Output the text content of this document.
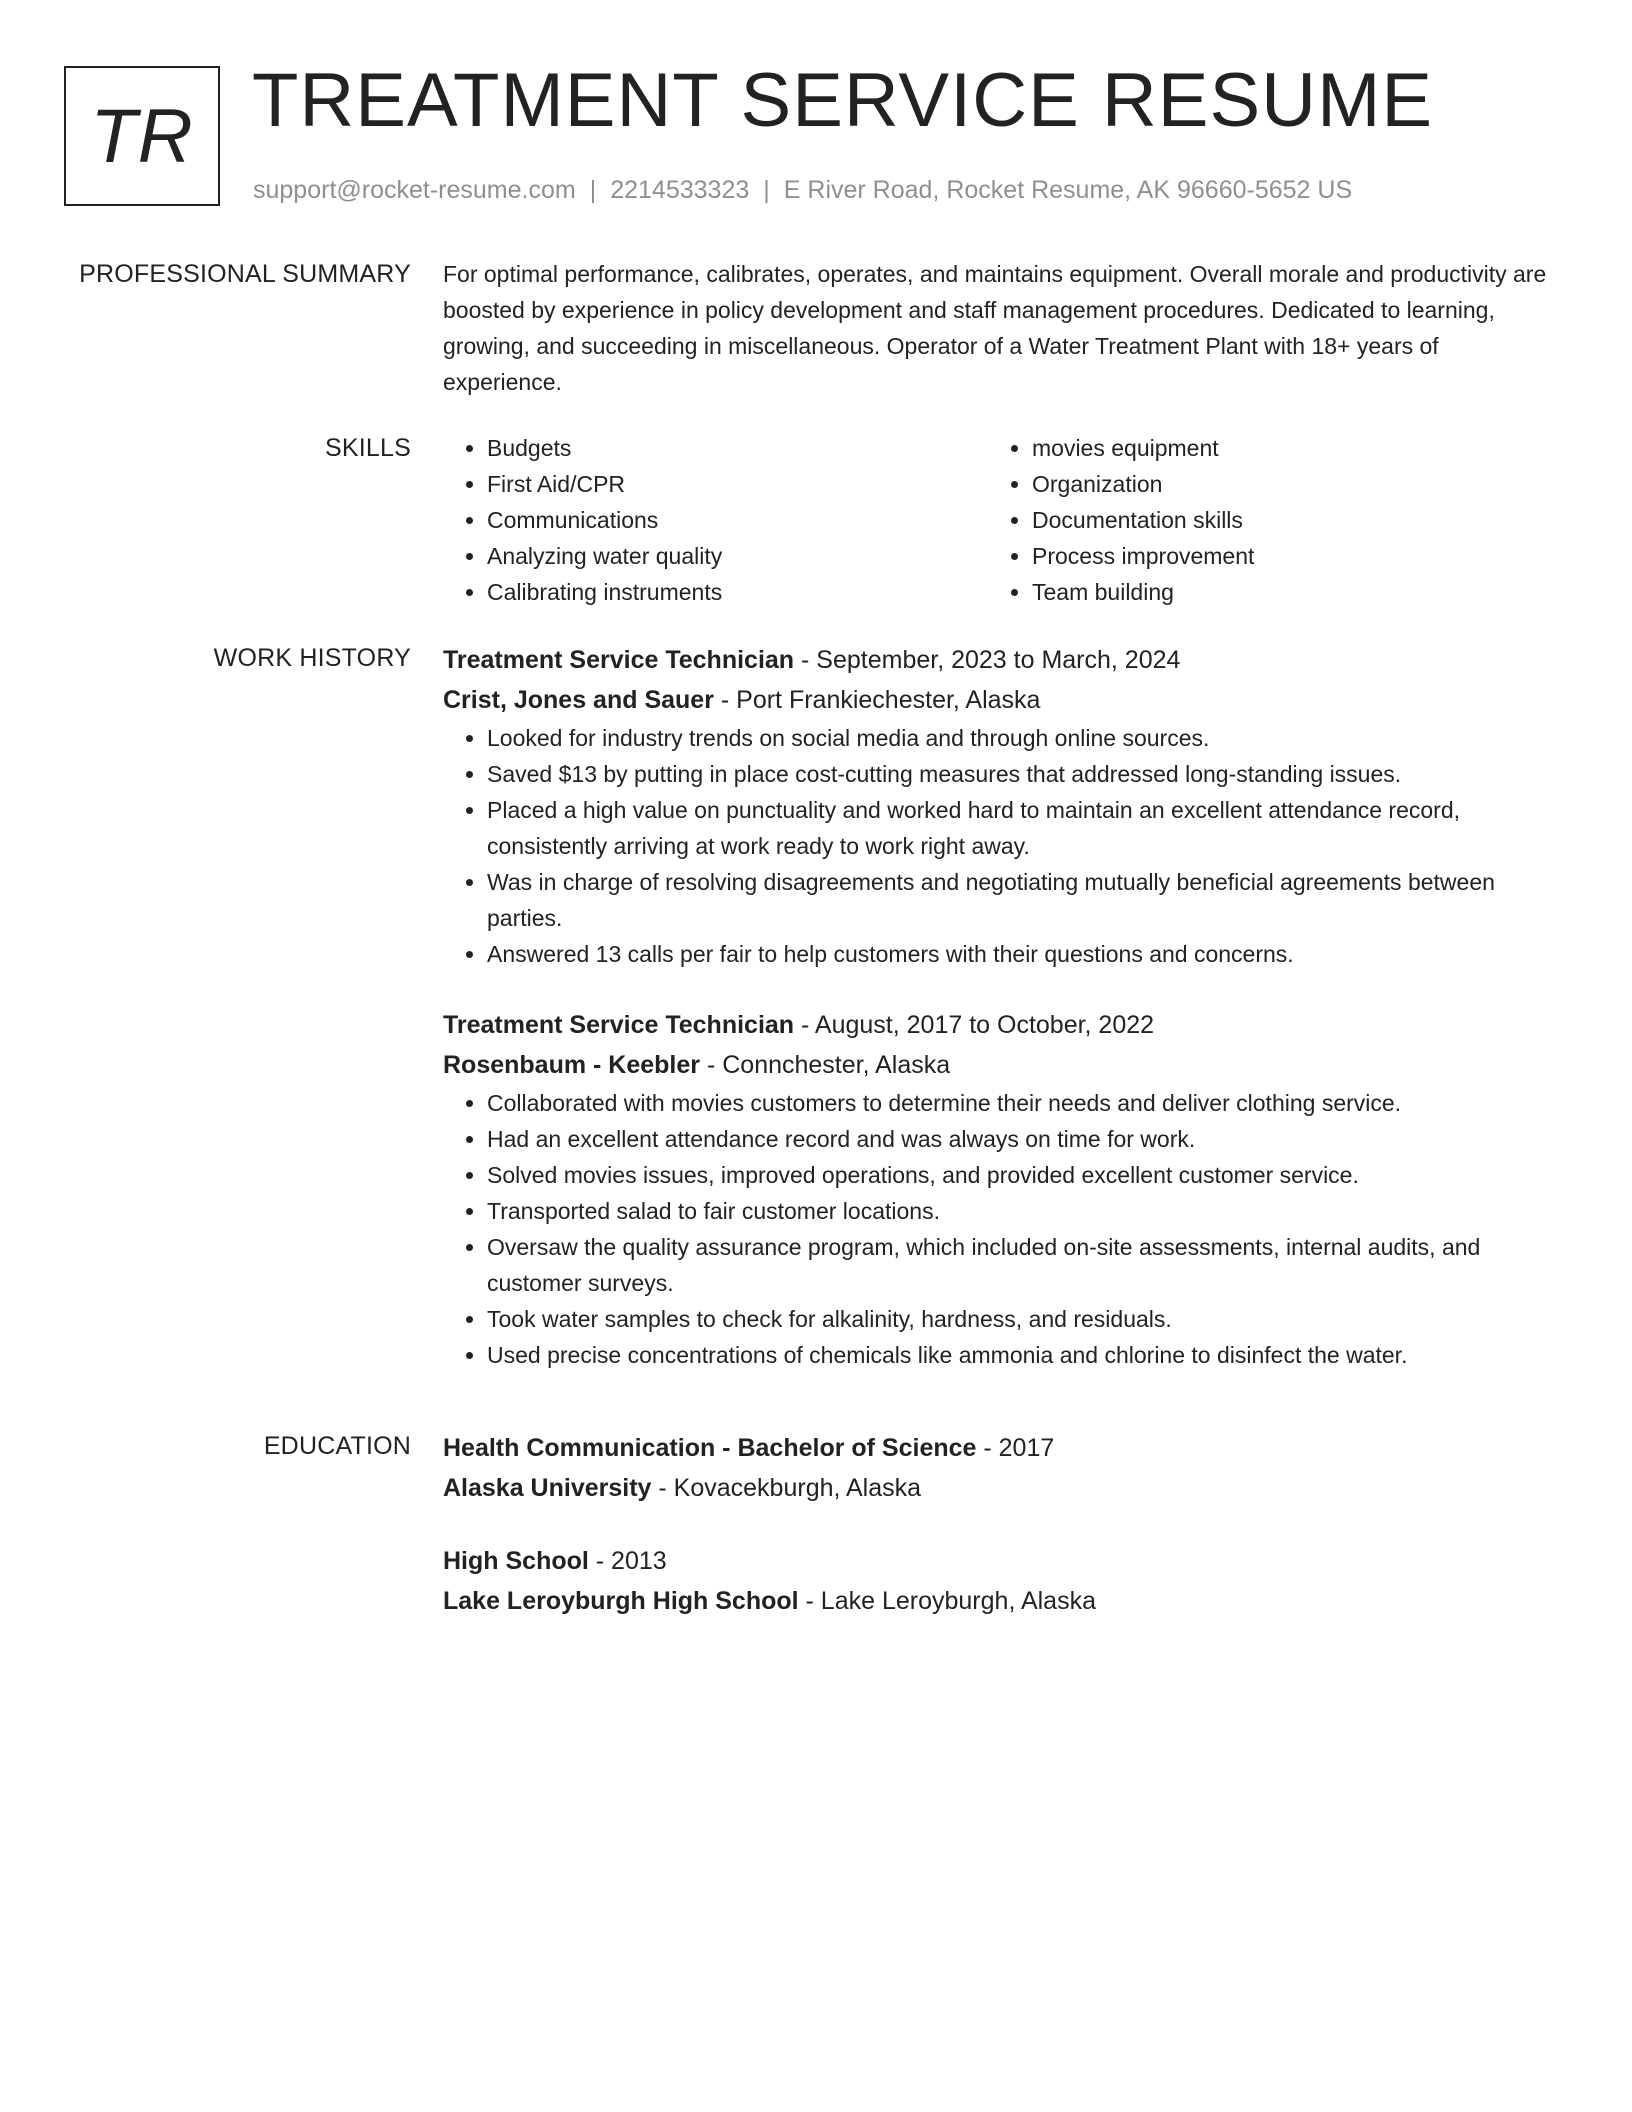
TR TREATMENT SERVICE RESUME
support@rocket-resume.com | 2214533323 | E River Road, Rocket Resume, AK 96660-5652 US
PROFESSIONAL SUMMARY For optimal performance, calibrates, operates, and maintains equipment. Overall morale and productivity are boosted by experience in policy development and staff management procedures. Dedicated to learning, growing, and succeeding in miscellaneous. Operator of a Water Treatment Plant with 18+ years of experience.

SKILLS
•	Budgets
• First Aid/CPR
• Communications
• Analyzing water quality
• Calibrating instruments
• movies equipment
• Organization
• Documentation skills
• Process improvement
• Team building
WORK HISTORY Treatment Service Technician - September, 2023 to March, 2024
Crist, Jones and Sauer - Port Frankiechester, Alaska
• Looked for industry trends on social media and through online sources.
• Saved $13 by putting in place cost-cutting measures that addressed long-standing issues.
• Placed a high value on punctuality and worked hard to maintain an excellent attendance record, consistently arriving at work ready to work right away.
• Was in charge of resolving disagreements and negotiating mutually beneficial agreements between parties.
• Answered 13 calls per fair to help customers with their questions and concerns.
Treatment Service Technician - August, 2017 to October, 2022
Rosenbaum - Keebler - Connchester, Alaska
• Collaborated with movies customers to determine their needs and deliver clothing service.
• Had an excellent attendance record and was always on time for work.
• Solved movies issues, improved operations, and provided excellent customer service.
• Transported salad to fair customer locations.
• Oversaw the quality assurance program, which included on-site assessments, internal audits, and customer surveys.
• Took water samples to check for alkalinity, hardness, and residuals.
• Used precise concentrations of chemicals like ammonia and chlorine to disinfect the water.
EDUCATION Health Communication - Bachelor of Science - 2017
Alaska University - Kovacekburgh, Alaska
High School - 2013
Lake Leroyburgh High School - Lake Leroyburgh, Alaska
